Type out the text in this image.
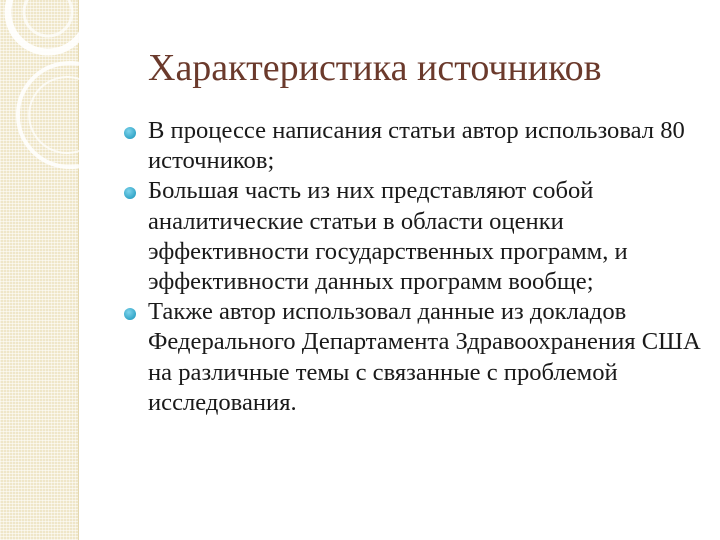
Характеристика источников
В процессе написания статьи автор использовал 80 источников;
Большая часть из них представляют собой аналитические статьи в области оценки эффективности государственных программ, и эффективности данных программ вообще;
Также автор использовал данные из докладов Федерального Департамента Здравоохранения США на различные темы с связанные с проблемой исследования.
